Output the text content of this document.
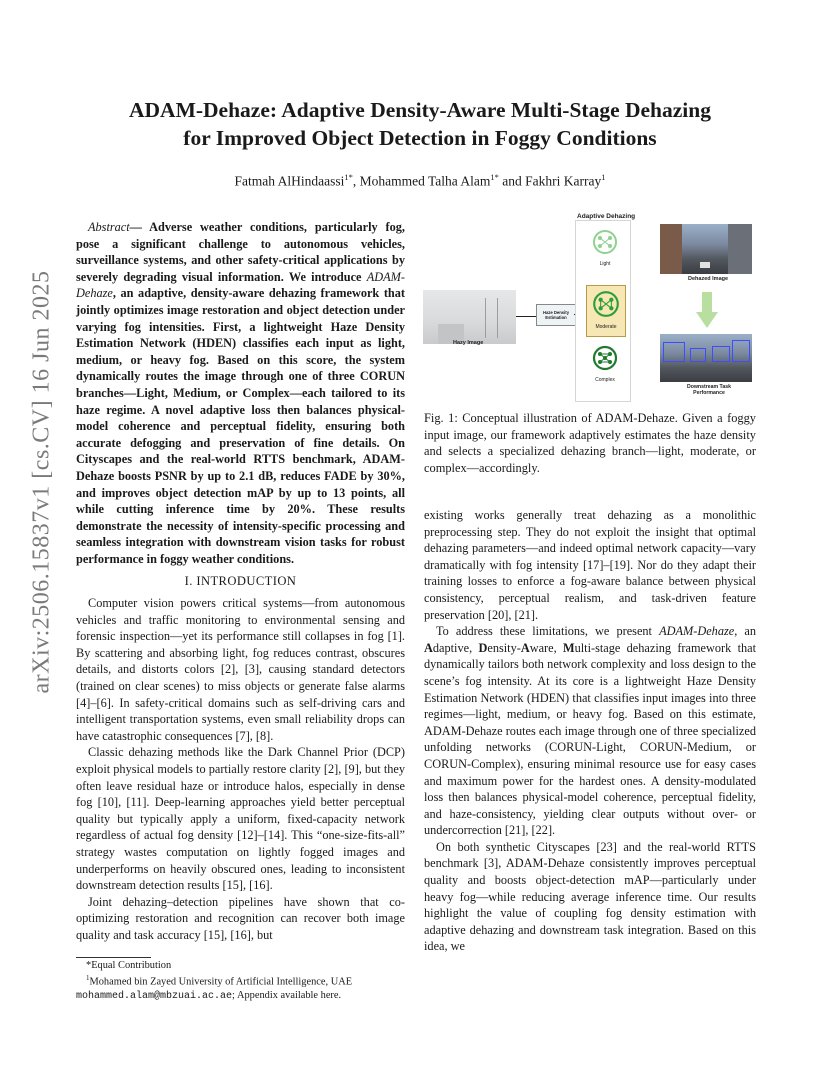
arXiv:2506.15837v1 [cs.CV] 16 Jun 2025
ADAM-Dehaze: Adaptive Density-Aware Multi-Stage Dehazing
for Improved Object Detection in Foggy Conditions
Fatmah AlHindaassi$^{1*}$, Mohammed Talha Alam$^{1*}$ and Fakhri Karray$^1$

Abstract— Adverse weather conditions, particularly fog, pose a significant challenge to autonomous vehicles, surveillance systems, and other safety-critical applications by severely degrading visual information. We introduce ADAM-Dehaze, an adaptive, density-aware dehazing framework that jointly optimizes image restoration and object detection under varying fog intensities. First, a lightweight Haze Density Estimation Network (HDEN) classifies each input as light, medium, or heavy fog. Based on this score, the system dynamically routes the image through one of three CORUN branches—Light, Medium, or Complex—each tailored to its haze regime. A novel adaptive loss then balances physical-model coherence and perceptual fidelity, ensuring both accurate defogging and preservation of fine details. On Cityscapes and the real-world RTTS benchmark, ADAM-Dehaze boosts PSNR by up to 2.1 dB, reduces FADE by 30%, and improves object detection mAP by up to 13 points, all while cutting inference time by 20%. These results demonstrate the necessity of intensity-specific processing and seamless integration with downstream vision tasks for robust performance in foggy weather conditions.

I. INTRODUCTION

Computer vision powers critical systems—from autonomous vehicles and traffic monitoring to environmental sensing and forensic inspection—yet its performance still collapses in fog [1]. By scattering and absorbing light, fog reduces contrast, obscures details, and distorts colors [2], [3], causing standard detectors (trained on clear scenes) to miss objects or generate false alarms [4]–[6]. In safety-critical domains such as self-driving cars and intelligent transportation systems, even small reliability drops can have catastrophic consequences [7], [8].

Classic dehazing methods like the Dark Channel Prior (DCP) exploit physical models to partially restore clarity [2], [9], but they often leave residual haze or introduce halos, especially in dense fog [10], [11]. Deep-learning approaches yield better perceptual quality but typically apply a uniform, fixed-capacity network regardless of actual fog density [12]–[14]. This “one-size-fits-all” strategy wastes computation on lightly fogged images and underperforms on heavily obscured ones, leading to inconsistent downstream detection results [15], [16].

Joint dehazing–detection pipelines have shown that co-optimizing restoration and recognition can recover both image quality and task accuracy [15], [16], but

*Equal Contribution
$^1$Mohamed bin Zayed University of Artificial Intelligence, UAE
mohammed.alam@mbzuai.ac.ae; Appendix available here.
Adaptive Dehazing
Hazy Image
Haze Density Estimation
Light
Moderate
Complex
Dehazed Image
Downstream Task Performance
Fig. 1: Conceptual illustration of ADAM-Dehaze. Given a foggy input image, our framework adaptively estimates the haze density and selects a specialized dehazing branch—light, moderate, or complex—accordingly.

existing works generally treat dehazing as a monolithic preprocessing step. They do not exploit the insight that optimal dehazing parameters—and indeed optimal network capacity—vary dramatically with fog intensity [17]–[19]. Nor do they adapt their training losses to enforce a fog-aware balance between physical consistency, perceptual realism, and task-driven feature preservation [20], [21].

To address these limitations, we present ADAM-Dehaze, an Adaptive, Density-Aware, Multi-stage dehazing framework that dynamically tailors both network complexity and loss design to the scene’s fog intensity. At its core is a lightweight Haze Density Estimation Network (HDEN) that classifies input images into three regimes—light, medium, or heavy fog. Based on this estimate, ADAM-Dehaze routes each image through one of three specialized unfolding networks (CORUN-Light, CORUN-Medium, or CORUN-Complex), ensuring minimal resource use for easy cases and maximum power for the hardest ones. A density-modulated loss then balances physical-model coherence, perceptual fidelity, and haze-consistency, yielding clear outputs without over- or undercorrection [21], [22].

On both synthetic Cityscapes [23] and the real-world RTTS benchmark [3], ADAM-Dehaze consistently improves perceptual quality and boosts object-detection mAP—particularly under heavy fog—while reducing average inference time. Our results highlight the value of coupling fog density estimation with adaptive dehazing and downstream task integration. Based on this idea, we
